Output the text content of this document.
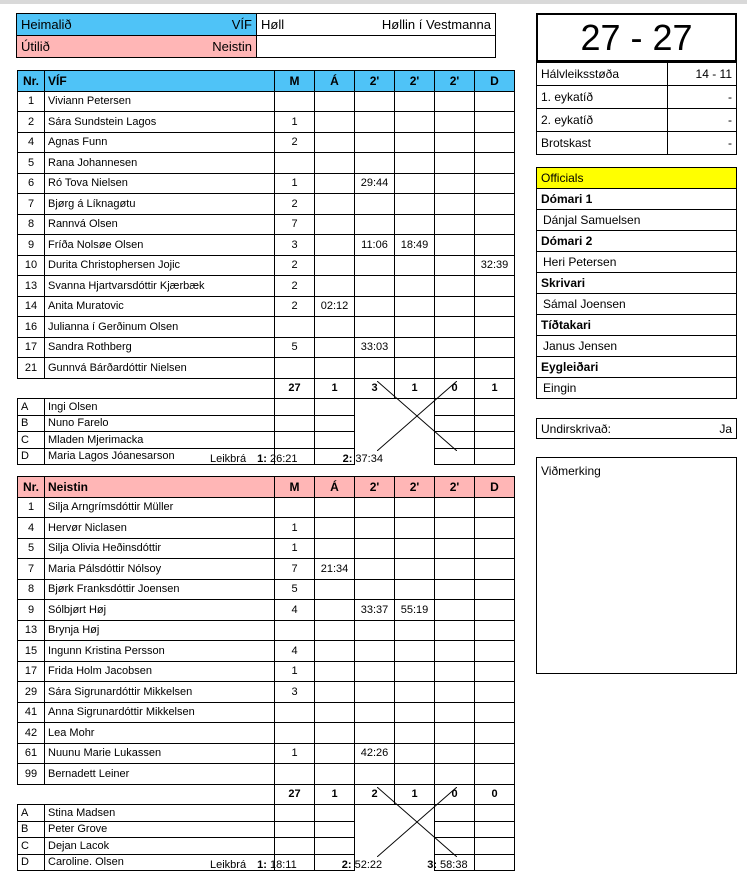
Heimalið	VÍF
Útilið	Neistin
Høll	Høllin í Vestmanna
Nr.	VÍF	M	Á	2'	2'	2'	D
1	Viviann Petersen						
2	Sára Sundstein Lagos	1					
4	Agnas Funn	2					
5	Rana Johannesen						
6	Ró Tova Nielsen	1		29:44			
7	Bjørg á Líknagøtu	2					
8	Rannvá Olsen	7					
9	Fríða Nolsøe Olsen	3		11:06	18:49		
10	Durita Christophersen Jojic	2					32:39
13	Svanna Hjartvarsdóttir Kjærbæk	2					
14	Anita Muratovic	2	02:12				
16	Julianna í Gerðinum Olsen						
17	Sandra Rothberg	5		33:03			
21	Gunnvá Bárðardóttir Nielsen						
		27	1	3	1	0	1
A	Ingi Olsen						
B	Nuno Farelo						
C	Mladen Mjerimacka						
D	Maria Lagos Jóanesarson						
Nr.	Neistin	M	Á	2'	2'	2'	D
1	Silja Arngrímsdóttir Müller						
4	Hervør Niclasen	1					
5	Silja Olivia Heðinsdóttir	1					
7	Maria Pálsdóttir Nólsoy	7	21:34				
8	Bjørk Franksdóttir Joensen	5					
9	Sólbjørt Høj	4		33:37	55:19		
13	Brynja Høj						
15	Ingunn Kristina Persson	4					
17	Frida Holm Jacobsen	1					
29	Sára Sigrunardóttir Mikkelsen	3					
41	Anna Sigrunardóttir Mikkelsen						
42	Lea Mohr						
61	Nuunu Marie Lukassen	1		42:26			
99	Bernadett Leiner						
		27	1	2	1	0	0
A	Stina Madsen						
B	Peter Grove						
C	Dejan Lacok						
D	Caroline. Olsen						
Leikbrá 1: 26:21	2: 37:34
Leikbrá 1: 18:11	2: 52:22	3: 58:38
27 - 27
Hálvleiksstøða	14 - 11
1. eykatíð	-
2. eykatíð	-
Brotskast	-
Officials
Dómari 1
Dánjal Samuelsen
Dómari 2
Heri Petersen
Skrivari
Sámal Joensen
Tíðtakari
Janus Jensen
Eygleiðari
Eingin
Undirskrivað:	Ja
Viðmerking
